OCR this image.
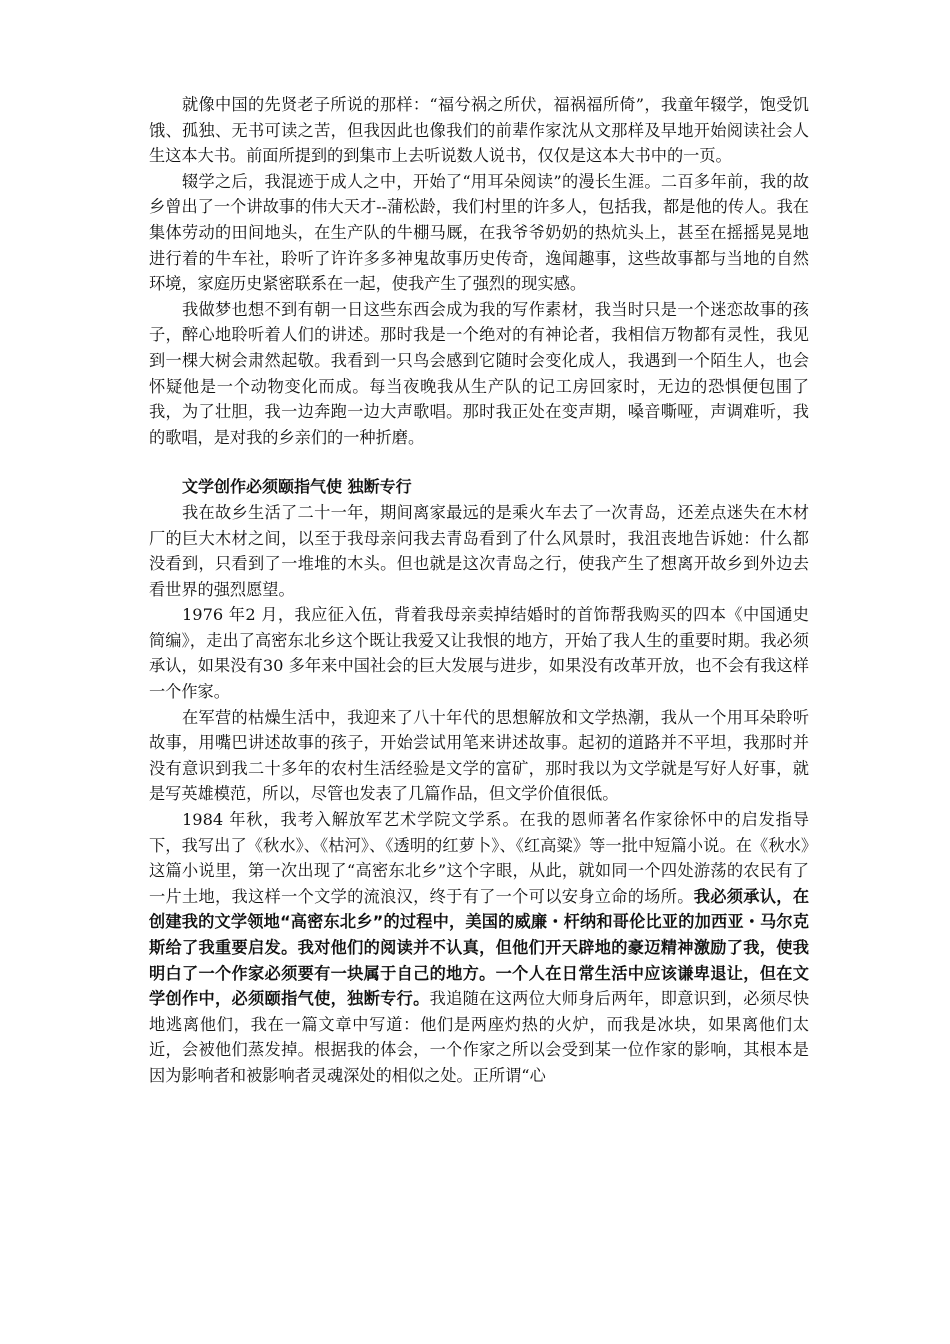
就像中国的先贤老子所说的那样：“福兮祸之所伏，福祸福所倚”，我童年辍学，饱受饥饿、孤独、无书可读之苦，但我因此也像我们的前辈作家沈从文那样及早地开始阅读社会人生这本大书。前面所提到的到集市上去听说数人说书，仅仅是这本大书中的一页。

辍学之后，我混迹于成人之中，开始了“用耳朵阅读”的漫长生涯。二百多年前，我的故乡曾出了一个讲故事的伟大天才--蒲松龄，我们村里的许多人，包括我，都是他的传人。我在集体劳动的田间地头，在生产队的牛棚马厩，在我爷爷奶奶的热炕头上，甚至在摇摇晃晃地进行着的牛车社，聆听了许许多多神鬼故事历史传奇，逸闻趣事，这些故事都与当地的自然环境，家庭历史紧密联系在一起，使我产生了强烈的现实感。

我做梦也想不到有朝一日这些东西会成为我的写作素材，我当时只是一个迷恋故事的孩子，醉心地聆听着人们的讲述。那时我是一个绝对的有神论者，我相信万物都有灵性，我见到一棵大树会肃然起敬。我看到一只鸟会感到它随时会变化成人，我遇到一个陌生人，也会怀疑他是一个动物变化而成。每当夜晚我从生产队的记工房回家时，无边的恐惧便包围了我，为了壮胆，我一边奔跑一边大声歌唱。那时我正处在变声期，嗓音嘶哑，声调难听，我的歌唱，是对我的乡亲们的一种折磨。

文学创作必须颐指气使 独断专行

我在故乡生活了二十一年，期间离家最远的是乘火车去了一次青岛，还差点迷失在木材厂的巨大木材之间，以至于我母亲问我去青岛看到了什么风景时，我沮丧地告诉她：什么都没看到，只看到了一堆堆的木头。但也就是这次青岛之行，使我产生了想离开故乡到外边去看世界的强烈愿望。

1976 年2 月，我应征入伍，背着我母亲卖掉结婚时的首饰帮我购买的四本《中国通史简编》，走出了高密东北乡这个既让我爱又让我恨的地方，开始了我人生的重要时期。我必须承认，如果没有30 多年来中国社会的巨大发展与进步，如果没有改革开放，也不会有我这样一个作家。

在军营的枯燥生活中，我迎来了八十年代的思想解放和文学热潮，我从一个用耳朵聆听故事，用嘴巴讲述故事的孩子，开始尝试用笔来讲述故事。起初的道路并不平坦，我那时并没有意识到我二十多年的农村生活经验是文学的富矿，那时我以为文学就是写好人好事，就是写英雄模范，所以，尽管也发表了几篇作品，但文学价值很低。

1984 年秋，我考入解放军艺术学院文学系。在我的恩师著名作家徐怀中的启发指导下，我写出了《秋水》、《枯河》、《透明的红萝卜》、《红高粱》等一批中短篇小说。在《秋水》这篇小说里，第一次出现了“高密东北乡”这个字眼，从此，就如同一个四处游荡的农民有了一片土地，我这样一个文学的流浪汉，终于有了一个可以安身立命的场所。我必须承认，在创建我的文学领地“高密东北乡”的过程中，美国的威廉・杆纳和哥伦比亚的加西亚・马尔克斯给了我重要启发。我对他们的阅读并不认真，但他们开天辟地的豪迈精神激励了我，使我明白了一个作家必须要有一块属于自己的地方。一个人在日常生活中应该谦卑退让，但在文学创作中，必须颐指气使，独断专行。我追随在这两位大师身后两年，即意识到，必须尽快地逃离他们，我在一篇文章中写道：他们是两座灼热的火炉，而我是冰块，如果离他们太近，会被他们蒸发掉。根据我的体会，一个作家之所以会受到某一位作家的影响，其根本是因为影响者和被影响者灵魂深处的相似之处。正所谓“心
